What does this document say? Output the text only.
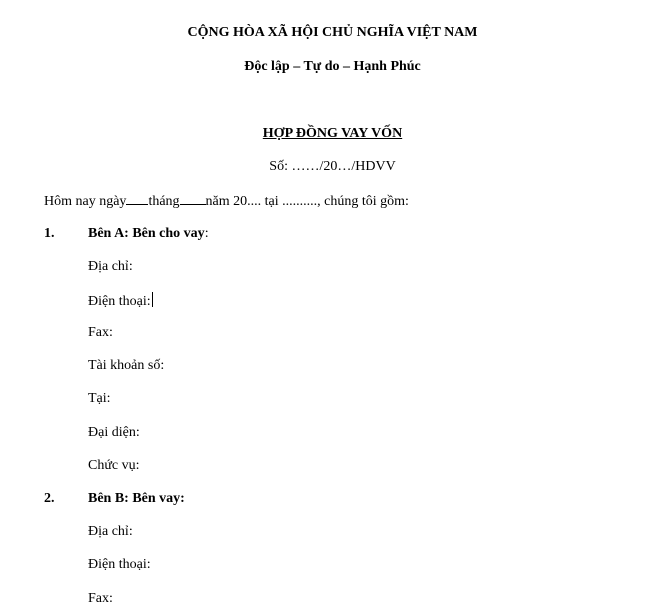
CỘNG HÒA XÃ HỘI CHỦ NGHĨA VIỆT NAM
Độc lập – Tự do – Hạnh Phúc
HỢP ĐỒNG VAY VỐN
Số: ……/20…/HDVV
Hôm nay ngày tháng năm 20.... tại .........., chúng tôi gồm:
1. Bên A: Bên cho vay:
Địa chỉ:
Điện thoại:
Fax:
Tài khoản số:
Tại:
Đại diện:
Chức vụ:
2. Bên B: Bên vay:
Địa chỉ:
Điện thoại:
Fax:
